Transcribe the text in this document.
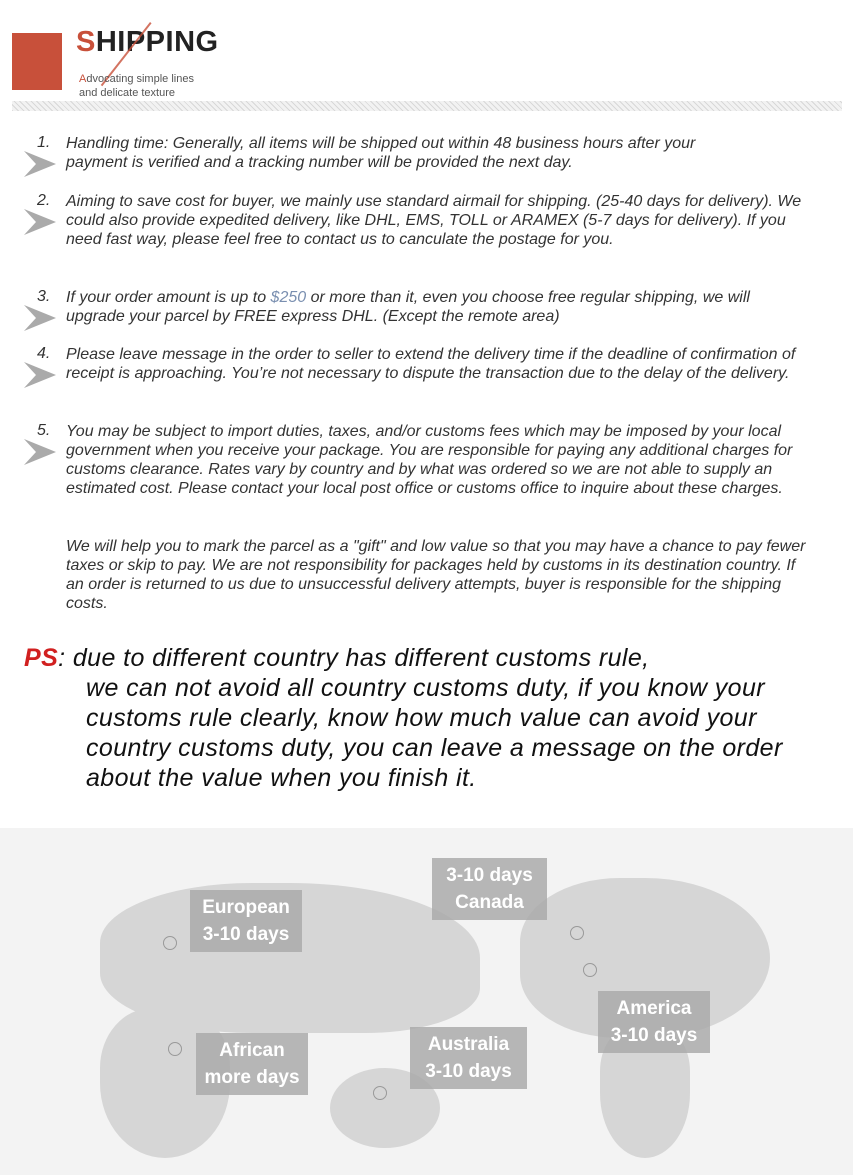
SHIPPING
Advocating simple lines
and delicate texture
1. Handling time: Generally, all items will be shipped out within 48 business hours after your payment is verified and a tracking number will be provided the next day.
2. Aiming to save cost for buyer, we mainly use standard airmail for shipping. (25-40 days for delivery). We could also provide expedited delivery, like DHL, EMS, TOLL or ARAMEX (5-7 days for delivery). If you need fast way, please feel free to contact us to canculate the postage for you.
3. If your order amount is up to $250 or more than it, even you choose free regular shipping, we will upgrade your parcel by FREE express DHL. (Except the remote area)
4. Please leave message in the order to seller to extend the delivery time if the deadline of confirmation of receipt is approaching. You’re not necessary to dispute the transaction due to the delay of the delivery.
5. You may be subject to import duties, taxes, and/or customs fees which may be imposed by your local government when you receive your package. You are responsible for paying any additional charges for customs clearance. Rates vary by country and by what was ordered so we are not able to supply an estimated cost. Please contact your local post office or customs office to inquire about these charges.
We will help you to mark the parcel as a "gift" and low value so that you may have a chance to pay fewer taxes or skip to pay. We are not responsibility for packages held by customs in its destination country. If an order is returned to us due to unsuccessful delivery attempts, buyer is responsible for the shipping costs.
PS: due to different country has different customs rule,
we can not avoid all country customs duty, if you know your customs rule clearly, know how much value can avoid your country customs duty, you can leave a message on the order about the value when you finish it.
European
3-10 days
3-10 days
Canada
America
3-10 days
African
more days
Australia
3-10 days
